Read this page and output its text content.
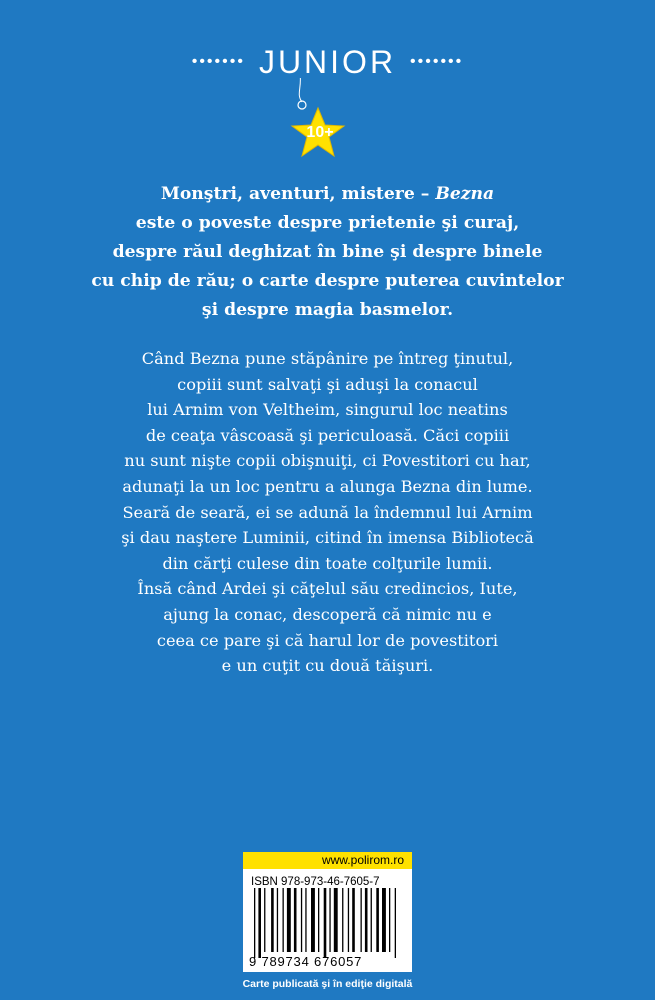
••••••• JUNIOR •••••••
10+

Monştri, aventuri, mistere – Bezna

este o poveste despre prietenie şi curaj,

despre răul deghizat în bine şi despre binele

cu chip de rău; o carte despre puterea cuvintelor

şi despre magia basmelor.

Când Bezna pune stăpânire pe întreg ţinutul,

copiii sunt salvaţi şi aduşi la conacul

lui Arnim von Veltheim, singurul loc neatins

de ceaţa vâscoasă şi periculoasă. Căci copiii

nu sunt nişte copii obişnuiţi, ci Povestitori cu har,

adunaţi la un loc pentru a alunga Bezna din lume.

Seară de seară, ei se adună la îndemnul lui Arnim

şi dau naştere Luminii, citind în imensa Bibliotecă

din cărţi culese din toate colţurile lumii.

Însă când Ardei şi căţelul său credincios, Iute,

ajung la conac, descoperă că nimic nu e

ceea ce pare şi că harul lor de povestitori

e un cuţit cu două tăişuri.

www.polirom.ro
ISBN 978-973-46-7605-7
9 789734 676057
Carte publicată şi în ediţie digitală
